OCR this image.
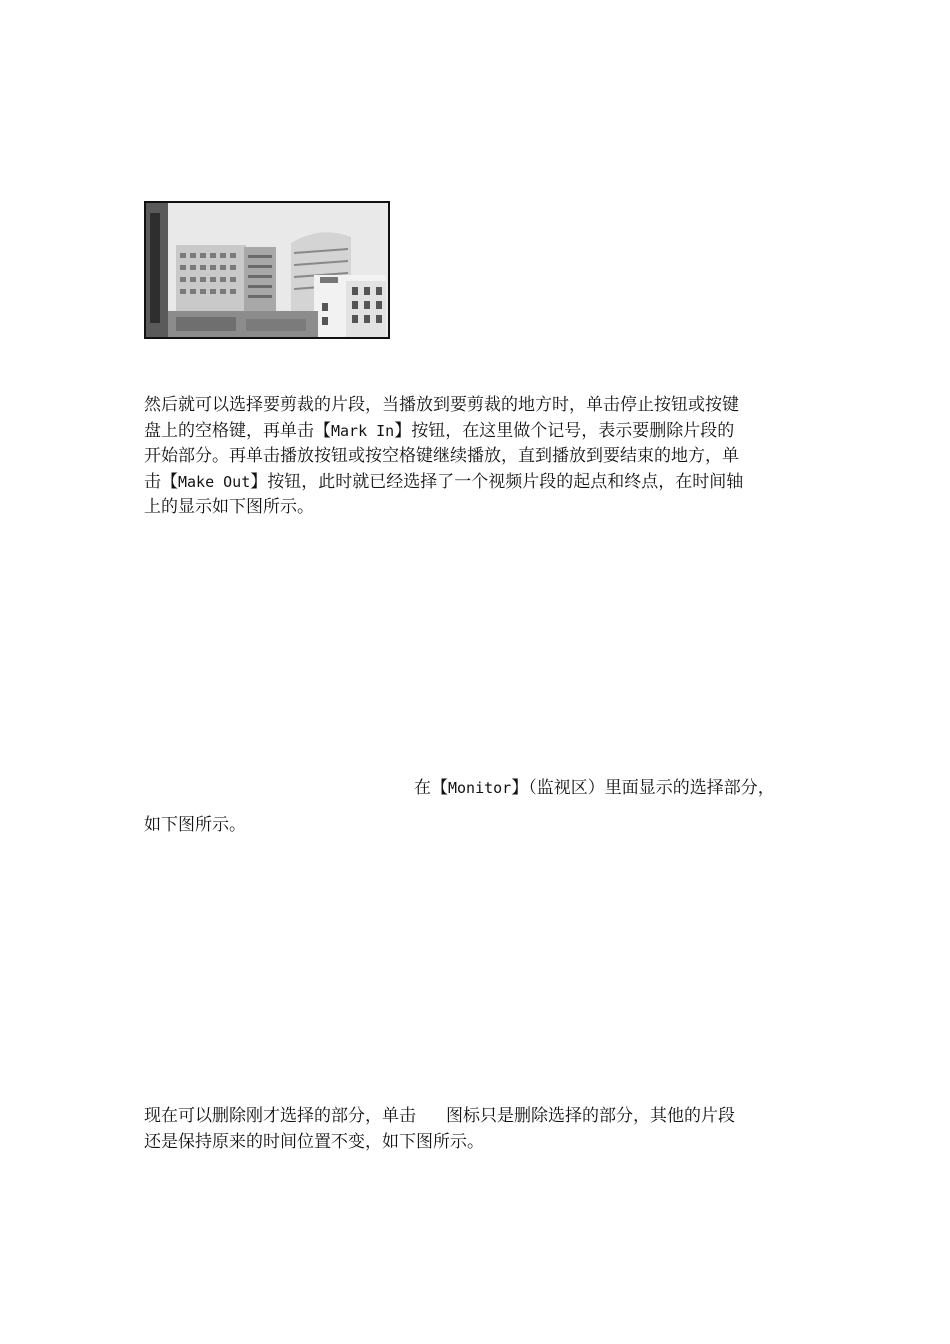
然后就可以选择要剪裁的片段，当播放到要剪裁的地方时，单击停止按钮或按键
盘上的空格键，再单击【Mark In】按钮，在这里做个记号，表示要删除片段的
开始部分。再单击播放按钮或按空格键继续播放，直到播放到要结束的地方，单
击【Make Out】按钮，此时就已经选择了一个视频片段的起点和终点，在时间轴
上的显示如下图所示。

在【Monitor】（监视区）里面显示的选择部分，

如下图所示。

现在可以删除刚才选择的部分，单击 图标只是删除选择的部分，其他的片段
还是保持原来的时间位置不变，如下图所示。
